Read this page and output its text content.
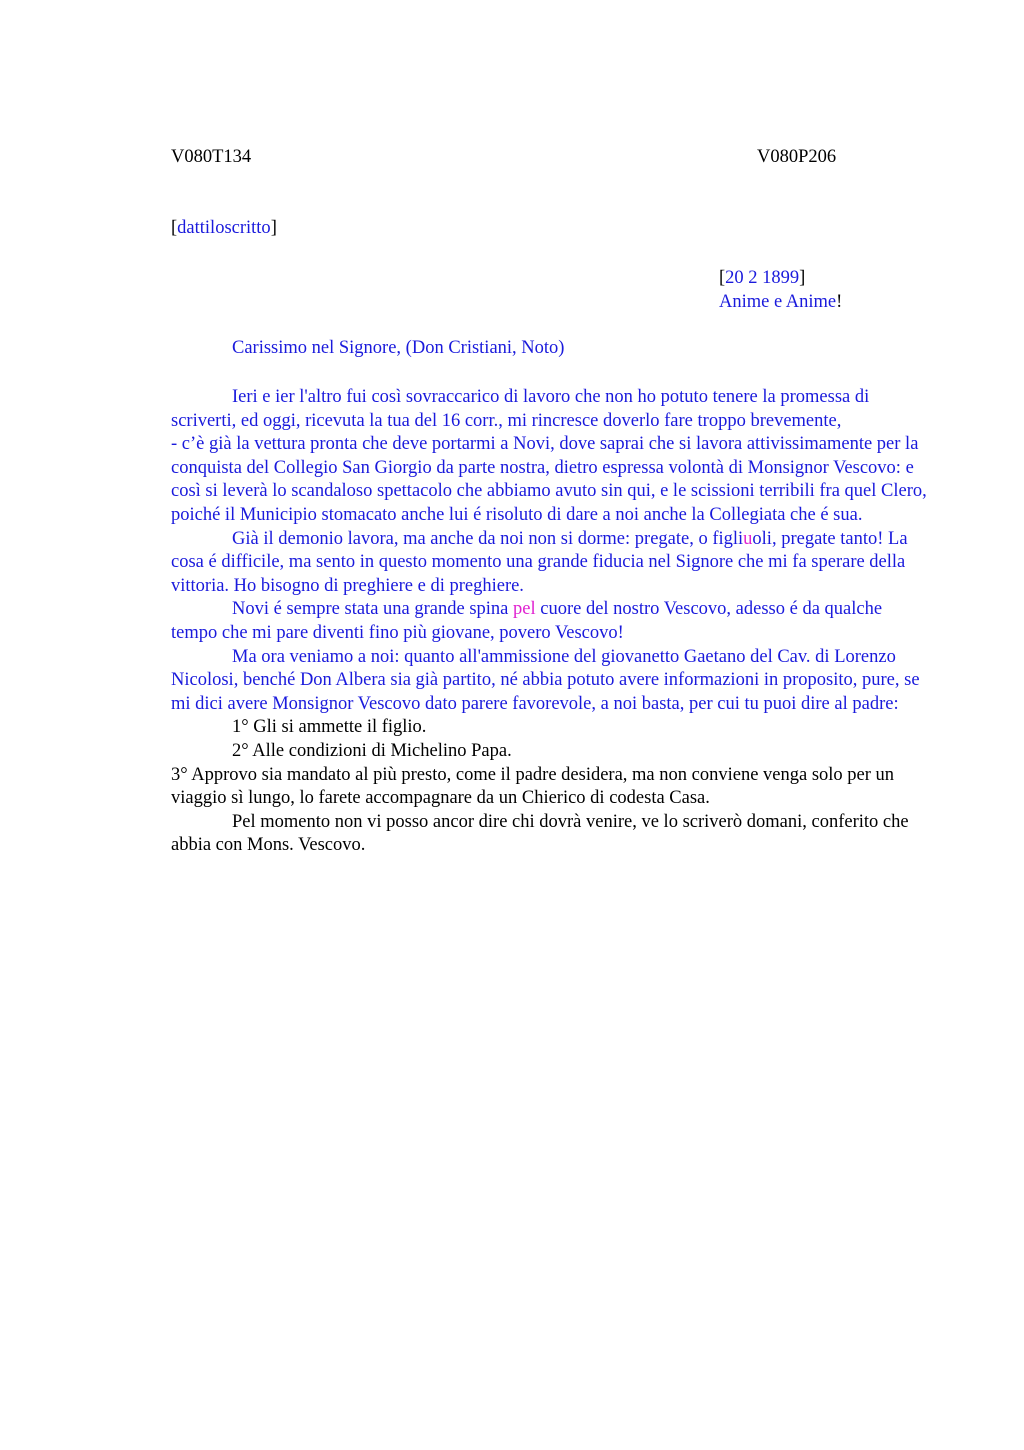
V080T134	V080P206
[dattiloscritto]
[20 2 1899]
Anime e Anime!
Carissimo nel Signore, (Don Cristiani, Noto)

Ieri e ier l'altro fui così sovraccarico di lavoro che non ho potuto tenere la promessa di scriverti, ed oggi, ricevuta la tua del 16 corr., mi rincresce doverlo fare troppo brevemente,

- c’è già la vettura pronta che deve portarmi a Novi, dove saprai che si lavora attivissimamente per la conquista del Collegio San Giorgio da parte nostra, dietro espressa volontà di Monsignor Vescovo: e così si leverà lo scandaloso spettacolo che abbiamo avuto sin qui, e le scissioni terribili fra quel Clero, poiché il Municipio stomacato anche lui é risoluto di dare a noi anche la Collegiata che é sua.

Già il demonio lavora, ma anche da noi non si dorme: pregate, o figliuoli, pregate tanto! La cosa é difficile, ma sento in questo momento una grande fiducia nel Signore che mi fa sperare della vittoria. Ho bisogno di preghiere e di preghiere.

Novi é sempre stata una grande spina pel cuore del nostro Vescovo, adesso é da qualche tempo che mi pare diventi fino più giovane, povero Vescovo!

Ma ora veniamo a noi: quanto all'ammissione del giovanetto Gaetano del Cav. di Lorenzo Nicolosi, benché Don Albera sia già partito, né abbia potuto avere informazioni in proposito, pure, se mi dici avere Monsignor Vescovo dato parere favorevole, a noi basta, per cui tu puoi dire al padre:

1° Gli si ammette il figlio.

2° Alle condizioni di Michelino Papa.

3° Approvo sia mandato al più presto, come il padre desidera, ma non conviene venga solo per un viaggio sì lungo, lo farete accompagnare da un Chierico di codesta Casa.

Pel momento non vi posso ancor dire chi dovrà venire, ve lo scriverò domani, conferito che abbia con Mons. Vescovo.
